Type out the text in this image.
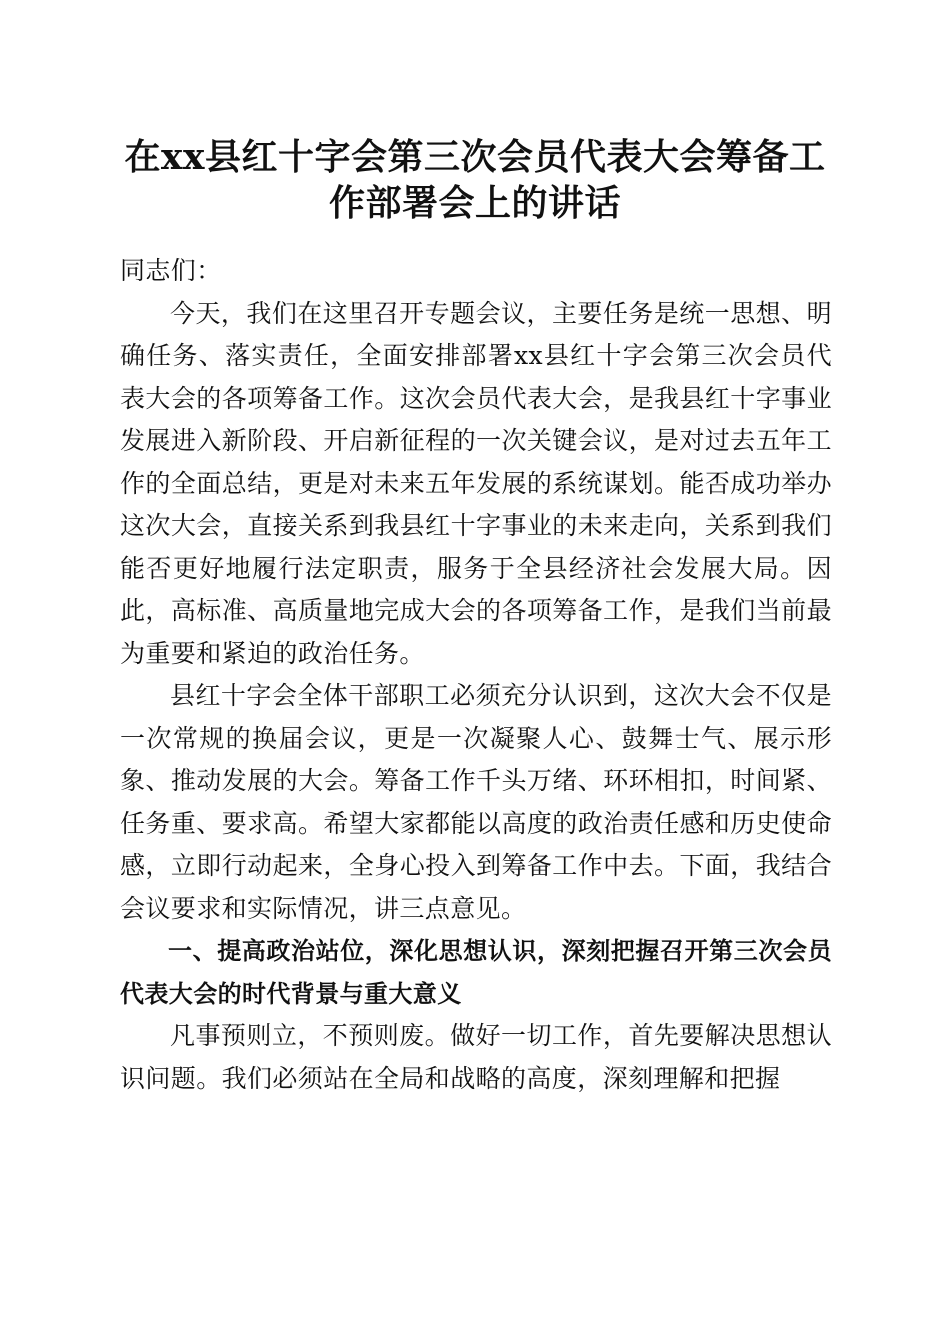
在xx县红十字会第三次会员代表大会筹备工
作部署会上的讲话

同志们：

今天，我们在这里召开专题会议，主要任务是统一思想、明确任务、落实责任，全面安排部署xx县红十字会第三次会员代表大会的各项筹备工作。这次会员代表大会，是我县红十字事业发展进入新阶段、开启新征程的一次关键会议，是对过去五年工作的全面总结，更是对未来五年发展的系统谋划。能否成功举办这次大会，直接关系到我县红十字事业的未来走向，关系到我们能否更好地履行法定职责，服务于全县经济社会发展大局。因此，高标准、高质量地完成大会的各项筹备工作，是我们当前最为重要和紧迫的政治任务。

县红十字会全体干部职工必须充分认识到，这次大会不仅是一次常规的换届会议，更是一次凝聚人心、鼓舞士气、展示形象、推动发展的大会。筹备工作千头万绪、环环相扣，时间紧、任务重、要求高。希望大家都能以高度的政治责任感和历史使命感，立即行动起来，全身心投入到筹备工作中去。下面，我结合会议要求和实际情况，讲三点意见。

一、提高政治站位，深化思想认识，深刻把握召开第三次会员代表大会的时代背景与重大意义

凡事预则立，不预则废。做好一切工作，首先要解决思想认识问题。我们必须站在全局和战略的高度，深刻理解和把握
